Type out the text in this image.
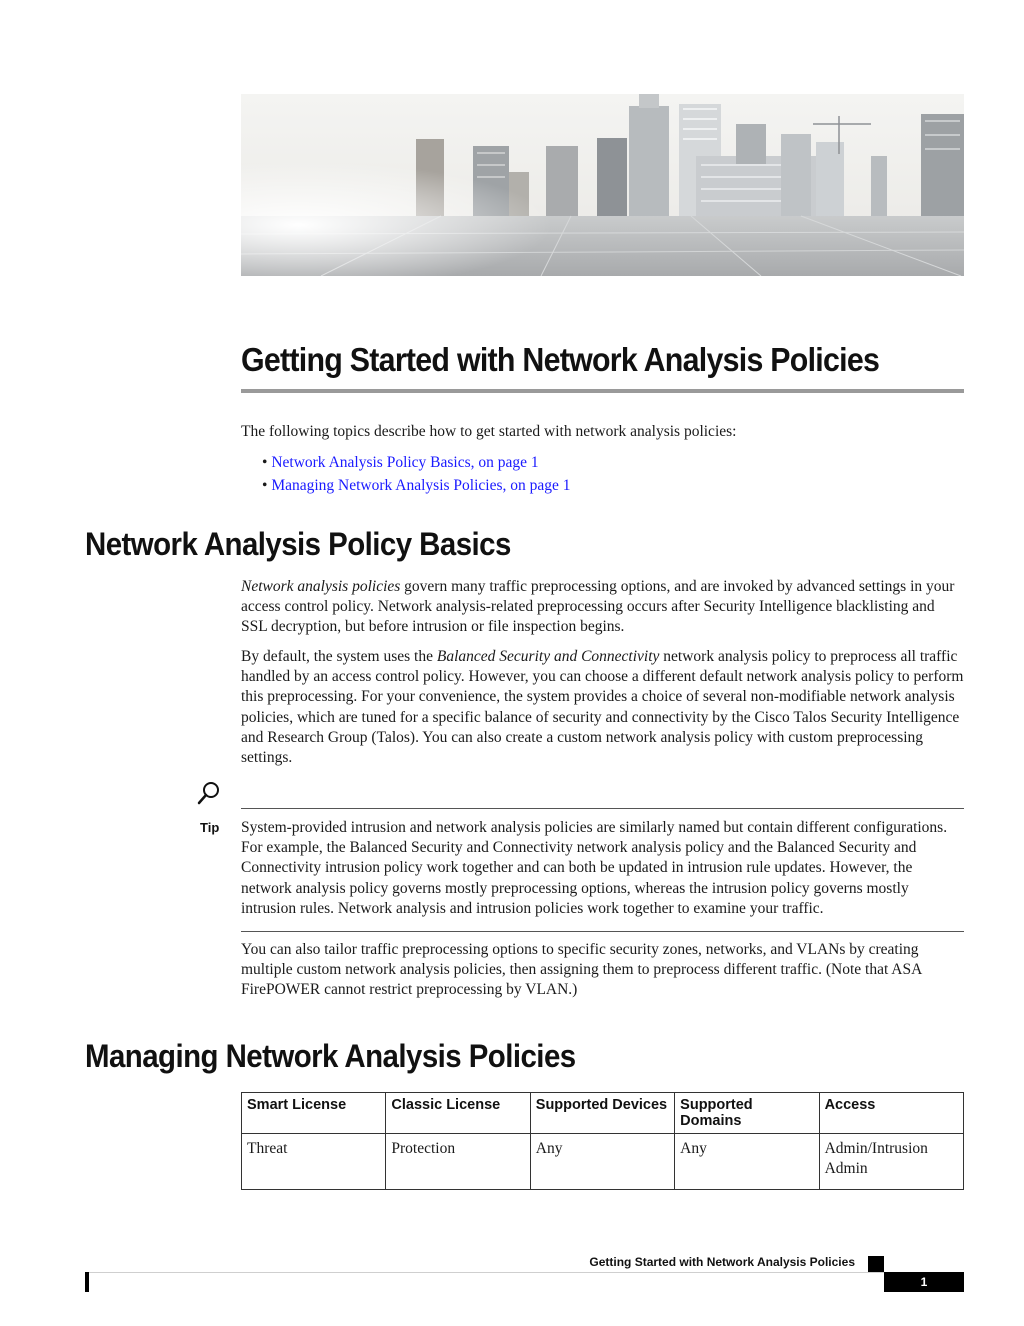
Getting Started with Network Analysis Policies

The following topics describe how to get started with network analysis policies:

• Network Analysis Policy Basics, on page 1
• Managing Network Analysis Policies, on page 1
Network Analysis Policy Basics

Network analysis policies govern many traffic preprocessing options, and are invoked by advanced settings in your access control policy. Network analysis-related preprocessing occurs after Security Intelligence blacklisting and SSL decryption, but before intrusion or file inspection begins.

By default, the system uses the Balanced Security and Connectivity network analysis policy to preprocess all traffic handled by an access control policy. However, you can choose a different default network analysis policy to perform this preprocessing. For your convenience, the system provides a choice of several non-modifiable network analysis policies, which are tuned for a specific balance of security and connectivity by the Cisco Talos Security Intelligence and Research Group (Talos). You can also create a custom network analysis policy with custom preprocessing settings.

Tip System-provided intrusion and network analysis policies are similarly named but contain different configurations. For example, the Balanced Security and Connectivity network analysis policy and the Balanced Security and Connectivity intrusion policy work together and can both be updated in intrusion rule updates. However, the network analysis policy governs mostly preprocessing options, whereas the intrusion policy governs mostly intrusion rules. Network analysis and intrusion policies work together to examine your traffic.

You can also tailor traffic preprocessing options to specific security zones, networks, and VLANs by creating multiple custom network analysis policies, then assigning them to preprocess different traffic. (Note that ASA FirePOWER cannot restrict preprocessing by VLAN.)

Managing Network Analysis Policies
Smart License	Classic License	Supported Devices	Supported Domains	Access
Threat	Protection	Any	Any	Admin/Intrusion Admin
Getting Started with Network Analysis Policies
1
